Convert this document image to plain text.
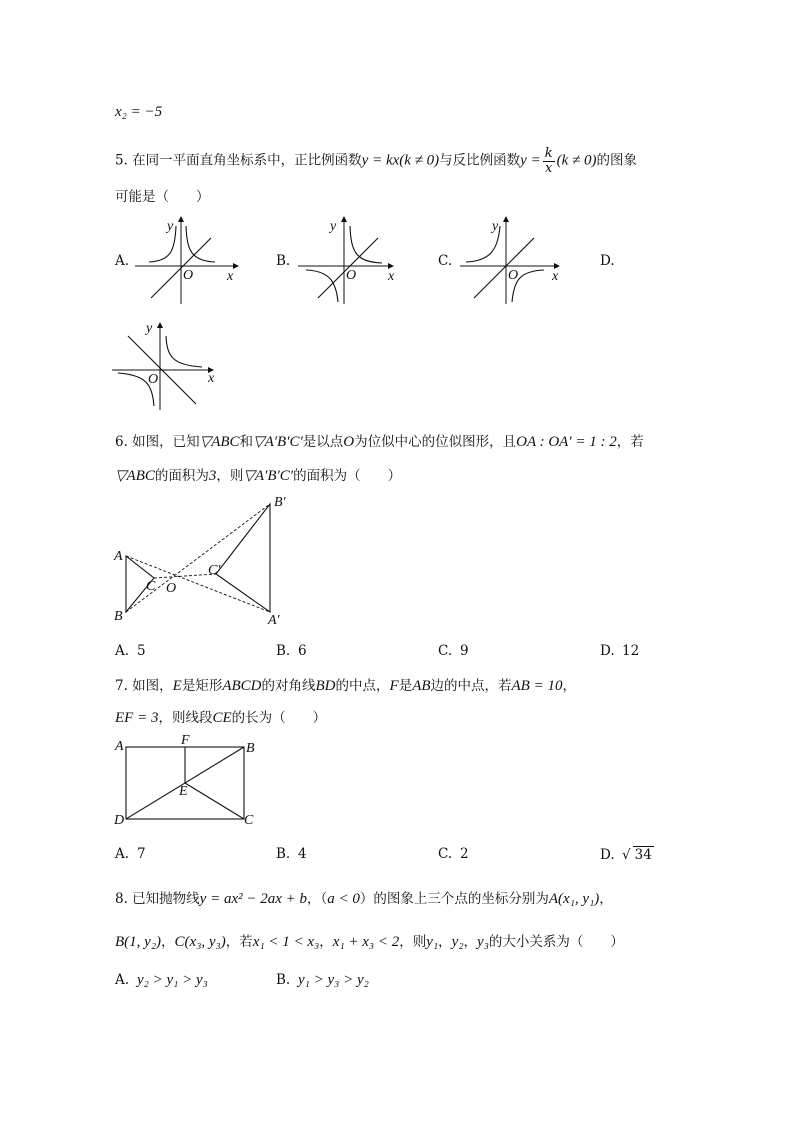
x₂ = −5
5. 在同一平面直角坐标系中，正比例函数y = kx(k ≠ 0)与反比例函数$y = \frac{k}{x} (k \ne 0)$的图象
可能是（　　）
A.	B.	C.	D.
y
x
O
y
x
O
y
x
O
y
x
O
6. 如图，已知▽ABC和▽A′B′C′是以点O为位似中心的位似图形，且OA : OA′ = 1 : 2，若
▽ABC的面积为3，则▽A′B′C′的面积为（　　）
A
B
C O
C′
B′
A′
A. 5	B. 6	C. 9	D. 12
7. 如图，E是矩形ABCD的对角线BD的中点，F是AB边的中点，若AB = 10，
EF = 3，则线段CE的长为（　　）
A	B
C
D
E
F
A. 7	B. 4	C. 2	D. √ 34
8. 已知抛物线y = ax² − 2ax + b，（a < 0）的图象上三个点的坐标分别为A(x₁, y₁)，
B(1, y₂)，C(x₃, y₃)，若x₁ < 1 < x₃，x₁ + x₃ < 2，则y₁，y₂，y₃的大小关系为（　　）
A. y₂ > y₁ > y₃	B. y₁ > y₃ > y₂
